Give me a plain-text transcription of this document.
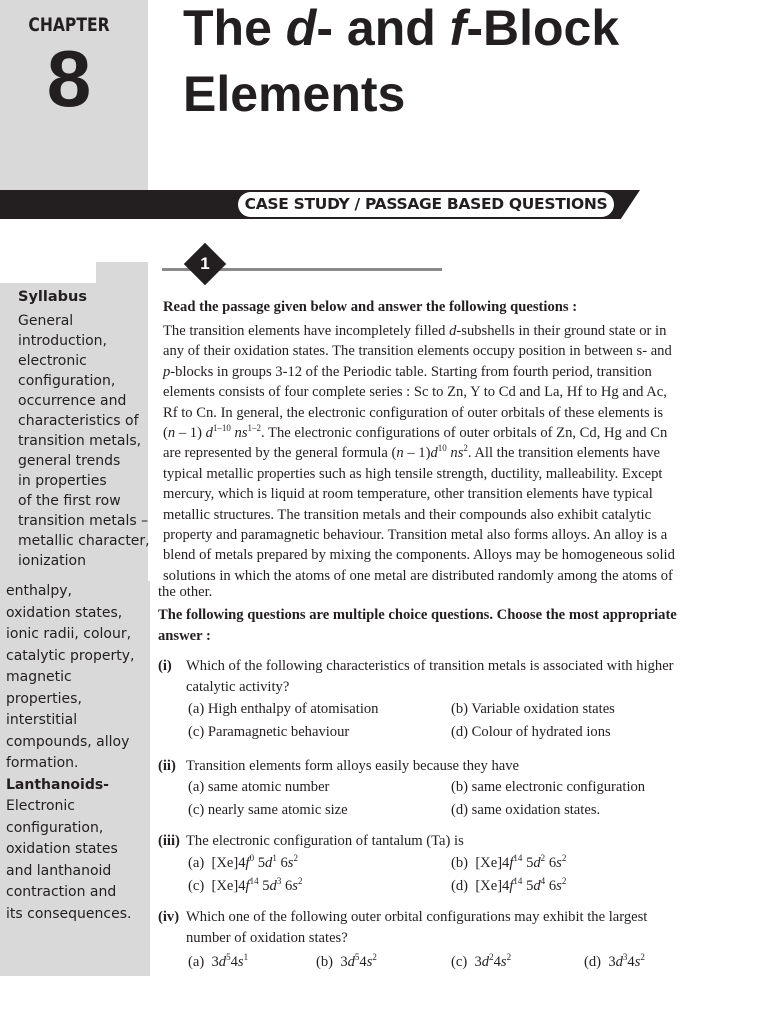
CHAPTER
8
The d- and f-Block
Elements
CASE STUDY / PASSAGE BASED QUESTIONS
Syllabus
General
introduction,
electronic
configuration,
occurrence and
characteristics of
transition metals,
general trends
in properties
of the first row
transition metals –
metallic character,
ionization
enthalpy,
oxidation states,
ionic radii, colour,
catalytic property,
magnetic
properties,
interstitial
compounds, alloy
formation.
Lanthanoids-
Electronic
configuration,
oxidation states
and lanthanoid
contraction and
its consequences.
1
Read the passage given below and answer the following questions :
The transition elements have incompletely filled d-subshells in their ground state or in
any of their oxidation states. The transition elements occupy position in between s- and
p-blocks in groups 3-12 of the Periodic table. Starting from fourth period, transition
elements consists of four complete series : Sc to Zn, Y to Cd and La, Hf to Hg and Ac,
Rf to Cn. In general, the electronic configuration of outer orbitals of these elements is
(n – 1) $d^{1-10}$ $ns^{1-2}$. The electronic configurations of outer orbitals of Zn, Cd, Hg and Cn
are represented by the general formula $(n - 1)d^{10}$ $ns^2$. All the transition elements have
typical metallic properties such as high tensile strength, ductility, malleability. Except
mercury, which is liquid at room temperature, other transition elements have typical
metallic structures. The transition metals and their compounds also exhibit catalytic
property and paramagnetic behaviour. Transition metal also forms alloys. An alloy is a
blend of metals prepared by mixing the components. Alloys may be homogeneous solid
solutions in which the atoms of one metal are distributed randomly among the atoms of
the other.
The following questions are multiple choice questions. Choose the most appropriate
answer :
(i) Which of the following characteristics of transition metals is associated with higher
catalytic activity?
(a) High enthalpy of atomisation	(b) Variable oxidation states
(c) Paramagnetic behaviour	(d) Colour of hydrated ions
(ii) Transition elements form alloys easily because they have
(a) same atomic number	(b) same electronic configuration
(c) nearly same atomic size	(d) same oxidation states.
(iii) The electronic configuration of tantalum (Ta) is
(a)  $[Xe]4f^0$ $5d^1$ $6s^2$	(b)  $[Xe]4f^{14}$ $5d^2$ $6s^2$
(c)  $[Xe]4f^{14}$ $5d^3$ $6s^2$	(d)  $[Xe]4f^{14}$ $5d^4$ $6s^2$
(iv) Which one of the following outer orbital configurations may exhibit the largest
number of oxidation states?
(a)  $3d^54s^1$	(b)  $3d^54s^2$	(c)  $3d^24s^2$	(d)  $3d^34s^2$
